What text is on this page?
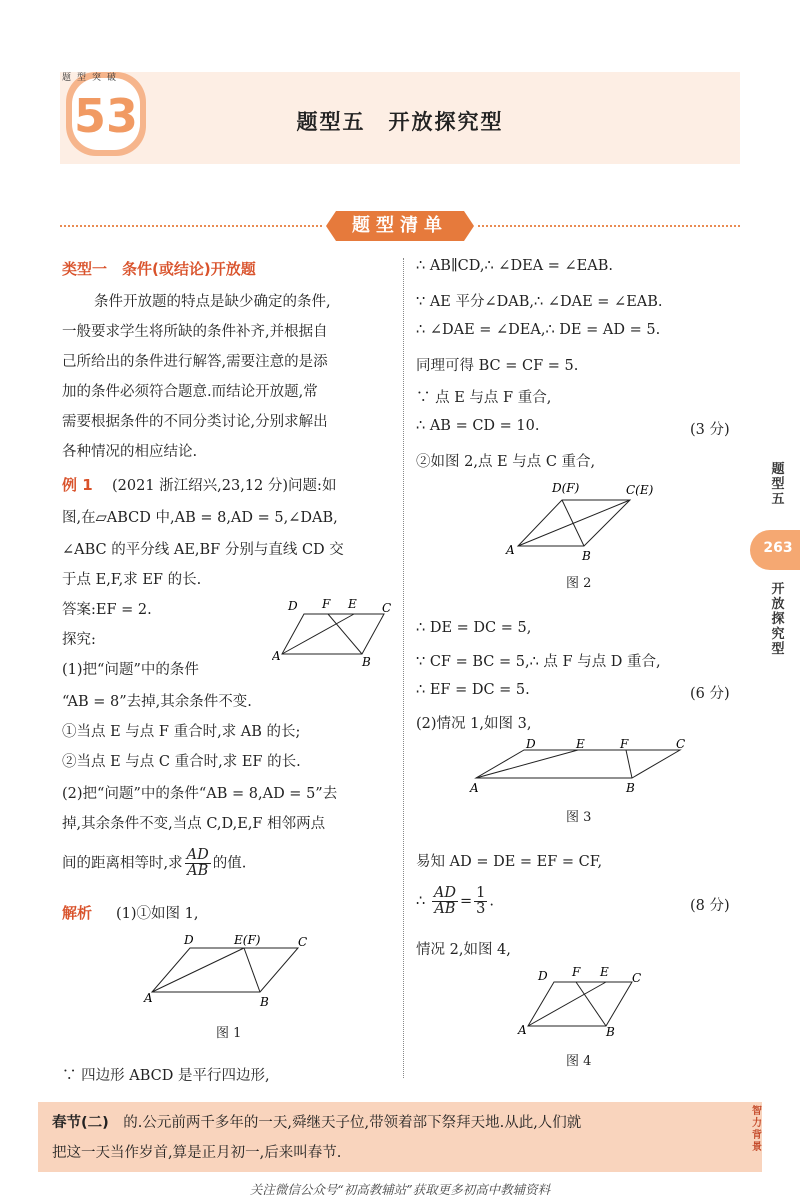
53
题型突破
题型五　开放探究型
题型清单
类型一　条件(或结论)开放题
条件开放题的特点是缺少确定的条件,
一般要求学生将所缺的条件补齐,并根据自
己所给出的条件进行解答,需要注意的是添
加的条件必须符合题意.而结论开放题,常
需要根据条件的不同分类讨论,分别求解出
各种情况的相应结论.
例 1 (2021 浙江绍兴,23,12 分)问题:如
图,在▱ABCD 中,AB = 8,AD = 5,∠DAB,
∠ABC 的平分线 AE,BF 分别与直线 CD 交
于点 E,F,求 EF 的长.
答案:EF = 2.
探究:
(1)把“问题”中的条件
“AB = 8”去掉,其余条件不变.
①当点 E 与点 F 重合时,求 AB 的长;
②当点 E 与点 C 重合时,求 EF 的长.
(2)把“问题”中的条件“AB = 8,AD = 5”去
掉,其余条件不变,当点 C,D,E,F 相邻两点
间的距离相等时,求 $\frac{AD}{AB}$ 的值.
解析 (1)①如图 1,
图 1
∵ 四边形 ABCD 是平行四边形,
D F E C
A	B
D	E(F)	C
A	B
∴ AB∥CD,∴ ∠DEA = ∠EAB.
∵ AE 平分∠DAB,∴ ∠DAE = ∠EAB.
∴ ∠DAE = ∠DEA,∴ DE = AD = 5.
同理可得 BC = CF = 5.
∵ 点 E 与点 F 重合,
∴ AB = CD = 10.	(3 分)
②如图 2,点 E 与点 C 重合,
D(F)	C(E)
A	B
图 2
∴ DE = DC = 5,
∵ CF = BC = 5,∴ 点 F 与点 D 重合,
∴ EF = DC = 5.	(6 分)
(2)情况 1,如图 3,
D	E	F	C
A	B
图 3
易知 AD = DE = EF = CF,
∴ $\frac{AD}{AB} = \frac{1}{3}$ .	(8 分)
情况 2,如图 4,
D F E C
A	B
图 4
题型五
263
开放探究型
春节(二)　 的.公元前两千多年的一天,舜继天子位,带领着部下祭拜天地.从此,人们就
把这一天当作岁首,算是正月初一,后来叫春节.
智力背景
关注微信公众号“初高教辅站”获取更多初高中教辅资料
